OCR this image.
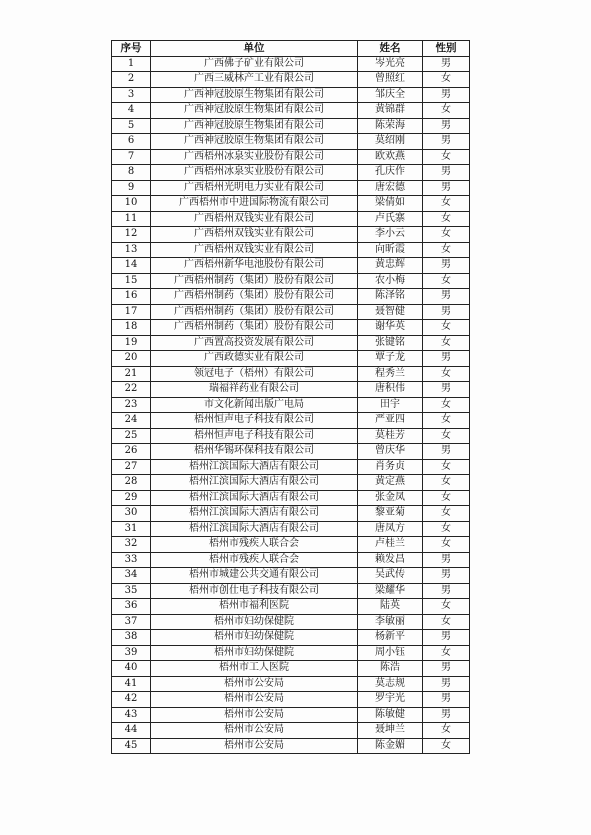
序号	单位	姓名	性别
1	广西佛子矿业有限公司	岑光亮	男
2	广西三威林产工业有限公司	曾照红	女
3	广西神冠胶原生物集团有限公司	邹庆全	男
4	广西神冠胶原生物集团有限公司	黄锦群	女
5	广西神冠胶原生物集团有限公司	陈荣海	男
6	广西神冠胶原生物集团有限公司	莫绍刚	男
7	广西梧州冰泉实业股份有限公司	欧欢燕	女
8	广西梧州冰泉实业股份有限公司	孔庆作	男
9	广西梧州光明电力实业有限公司	唐宏德	男
10	广西梧州市中进国际物流有限公司	梁倩如	女
11	广西梧州双钱实业有限公司	卢氏寨	女
12	广西梧州双钱实业有限公司	李小云	女
13	广西梧州双钱实业有限公司	向昕霞	女
14	广西梧州新华电池股份有限公司	黄忠辉	男
15	广西梧州制药（集团）股份有限公司	农小梅	女
16	广西梧州制药（集团）股份有限公司	陈泽铭	男
17	广西梧州制药（集团）股份有限公司	聂智健	男
18	广西梧州制药（集团）股份有限公司	谢华英	女
19	广西置高投资发展有限公司	张键铭	女
20	广西政德实业有限公司	覃子龙	男
21	领冠电子（梧州）有限公司	程秀兰	女
22	瑞福祥药业有限公司	唐积伟	男
23	市文化新闻出版广电局	田宇	女
24	梧州恒声电子科技有限公司	严亚四	女
25	梧州恒声电子科技有限公司	莫桂芳	女
26	梧州华锡环保科技有限公司	曾庆华	男
27	梧州江滨国际大酒店有限公司	肖务贞	女
28	梧州江滨国际大酒店有限公司	黄定燕	女
29	梧州江滨国际大酒店有限公司	张金凤	女
30	梧州江滨国际大酒店有限公司	黎亚菊	女
31	梧州江滨国际大酒店有限公司	唐凤方	女
32	梧州市残疾人联合会	卢桂兰	女
33	梧州市残疾人联合会	赖发昌	男
34	梧州市城建公共交通有限公司	吴武传	男
35	梧州市创仕电子科技有限公司	梁耀华	男
36	梧州市福利医院	陆英	女
37	梧州市妇幼保健院	李敏丽	女
38	梧州市妇幼保健院	杨新平	男
39	梧州市妇幼保健院	周小钰	女
40	梧州市工人医院	陈浩	男
41	梧州市公安局	莫志规	男
42	梧州市公安局	罗宇光	男
43	梧州市公安局	陈敏健	男
44	梧州市公安局	聂坤兰	女
45	梧州市公安局	陈金媚	女
